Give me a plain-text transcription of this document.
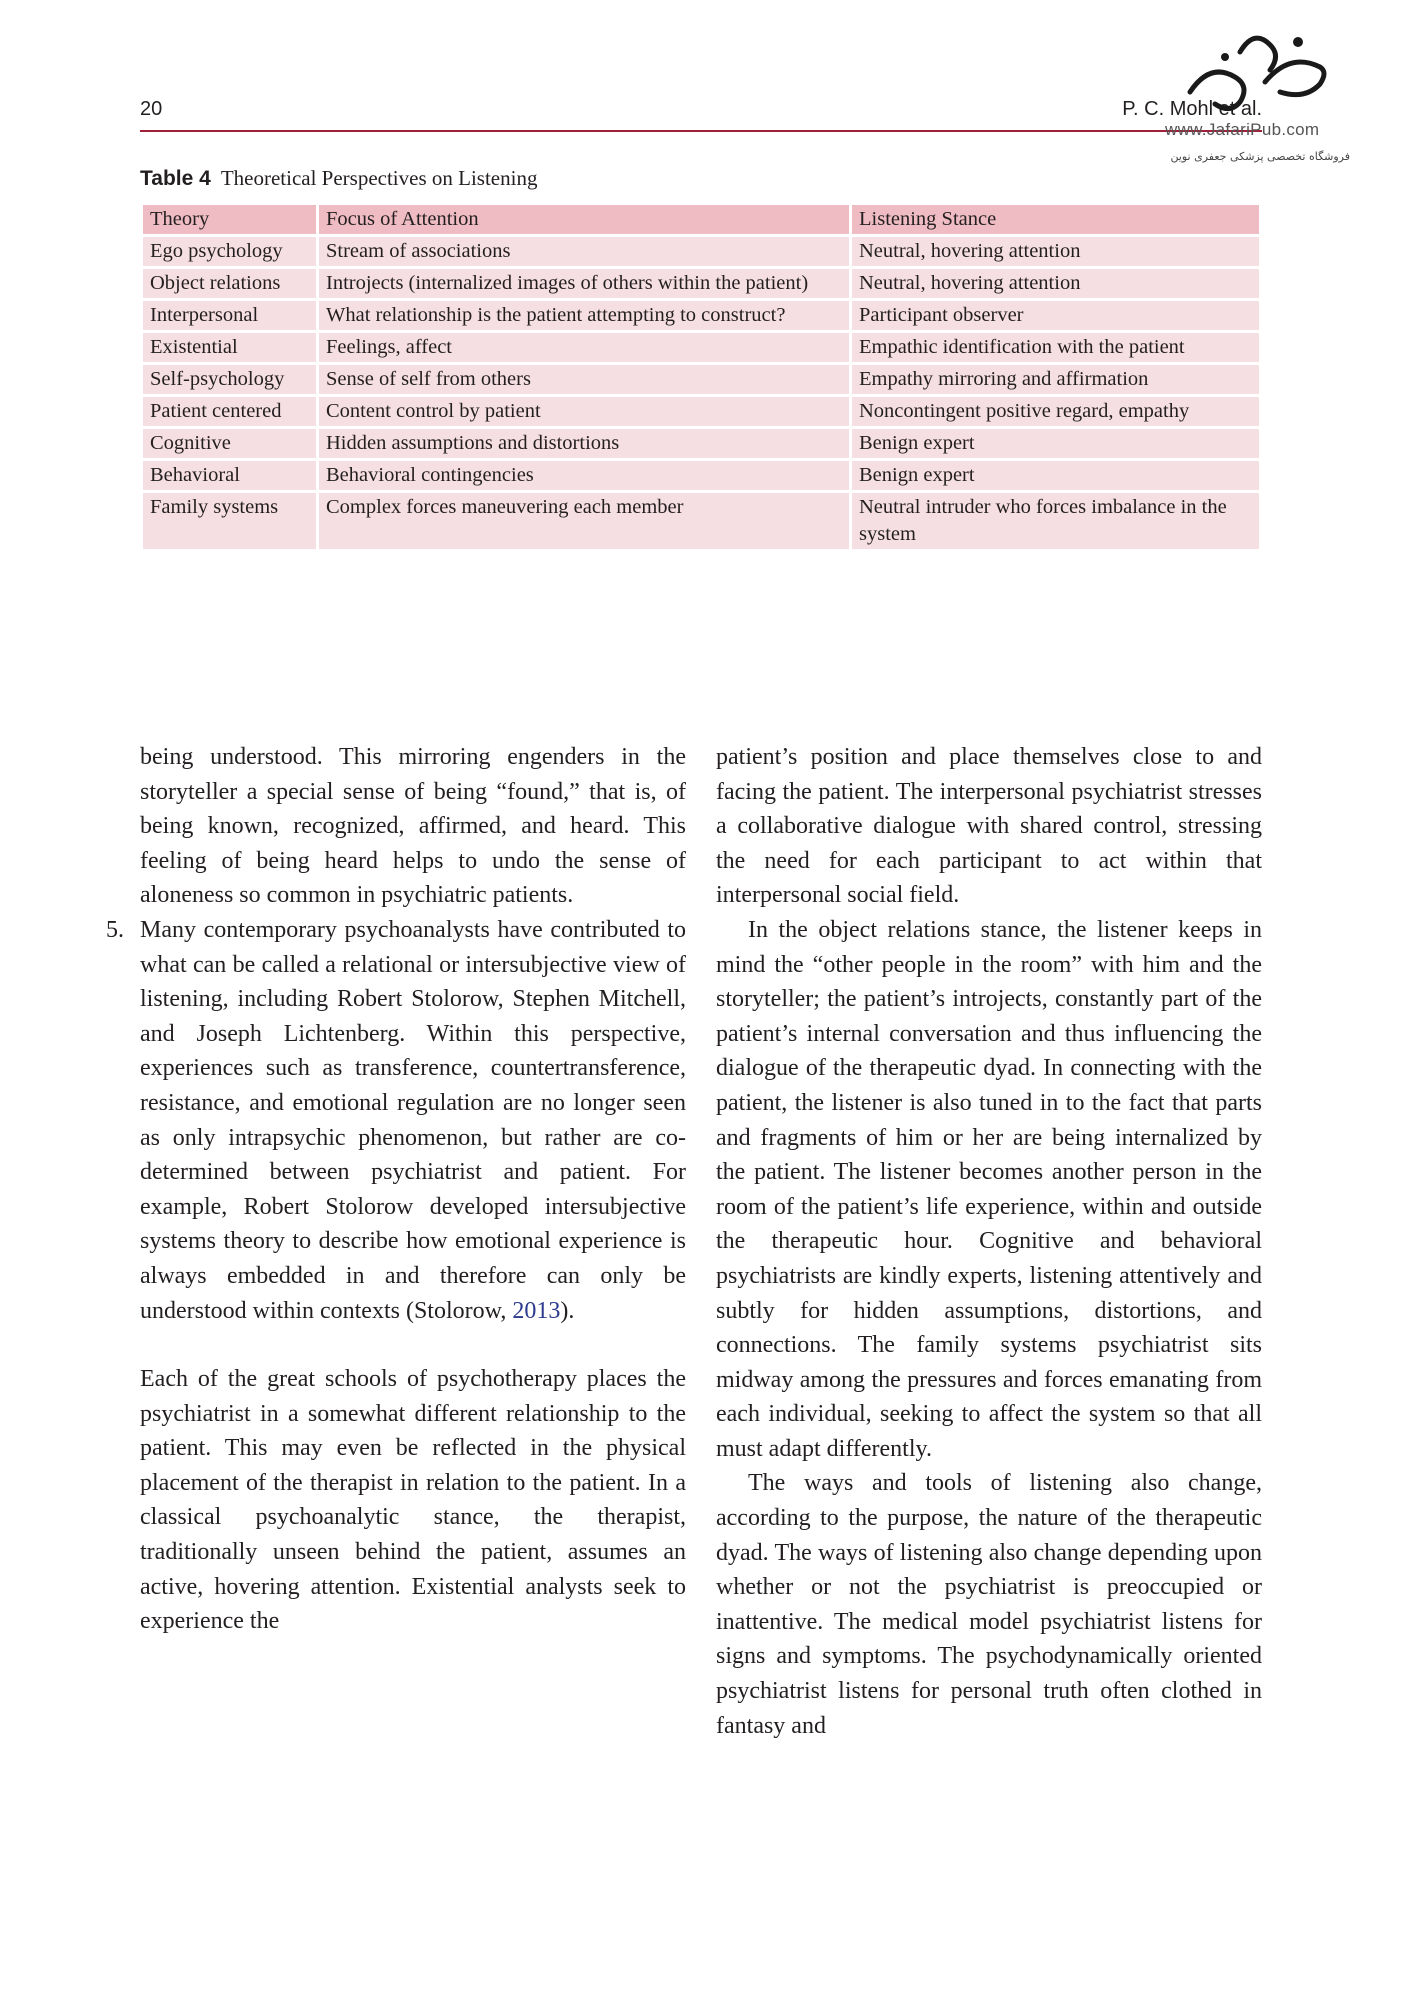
20	P. C. Mohl et al.
www.JafariPub.com
فروشگاه تخصصی پزشکی جعفری نوین
Table 4 Theoretical Perspectives on Listening
Theory	Focus of Attention	Listening Stance
Ego psychology	Stream of associations	Neutral, hovering attention
Object relations	Introjects (internalized images of others within the patient)	Neutral, hovering attention
Interpersonal	What relationship is the patient attempting to construct?	Participant observer
Existential	Feelings, affect	Empathic identification with the patient
Self-psychology	Sense of self from others	Empathy mirroring and affirmation
Patient centered	Content control by patient	Noncontingent positive regard, empathy
Cognitive	Hidden assumptions and distortions	Benign expert
Behavioral	Behavioral contingencies	Benign expert
Family systems	Complex forces maneuvering each member	Neutral intruder who forces imbalance in the system

being understood. This mirroring engenders in the storyteller a special sense of being “found,” that is, of being known, recognized, affirmed, and heard. This feeling of being heard helps to undo the sense of aloneness so common in psychiatric patients.

5. Many contemporary psychoanalysts have contributed to what can be called a relational or intersubjective view of listening, including Robert Stolorow, Stephen Mitchell, and Joseph Lichtenberg. Within this perspective, experiences such as transference, countertransference, resistance, and emotional regulation are no longer seen as only intrapsychic phenomenon, but rather are co-determined between psychiatrist and patient. For example, Robert Stolorow developed intersubjective systems theory to describe how emotional experience is always embedded in and therefore can only be understood within contexts (Stolorow, 2013).

Each of the great schools of psychotherapy places the psychiatrist in a somewhat different relationship to the patient. This may even be reflected in the physical placement of the therapist in relation to the patient. In a classical psychoanalytic stance, the therapist, traditionally unseen behind the patient, assumes an active, hovering attention. Existential analysts seek to experience the

patient’s position and place themselves close to and facing the patient. The interpersonal psychiatrist stresses a collaborative dialogue with shared control, stressing the need for each participant to act within that interpersonal social field.

In the object relations stance, the listener keeps in mind the “other people in the room” with him and the storyteller; the patient’s introjects, constantly part of the patient’s internal conversation and thus influencing the dialogue of the therapeutic dyad. In connecting with the patient, the listener is also tuned in to the fact that parts and fragments of him or her are being internalized by the patient. The listener becomes another person in the room of the patient’s life experience, within and outside the therapeutic hour. Cognitive and behavioral psychiatrists are kindly experts, listening attentively and subtly for hidden assumptions, distortions, and connections. The family systems psychiatrist sits midway among the pressures and forces emanating from each individual, seeking to affect the system so that all must adapt differently.

The ways and tools of listening also change, according to the purpose, the nature of the therapeutic dyad. The ways of listening also change depending upon whether or not the psychiatrist is preoccupied or inattentive. The medical model psychiatrist listens for signs and symptoms. The psychodynamically oriented psychiatrist listens for personal truth often clothed in fantasy and
